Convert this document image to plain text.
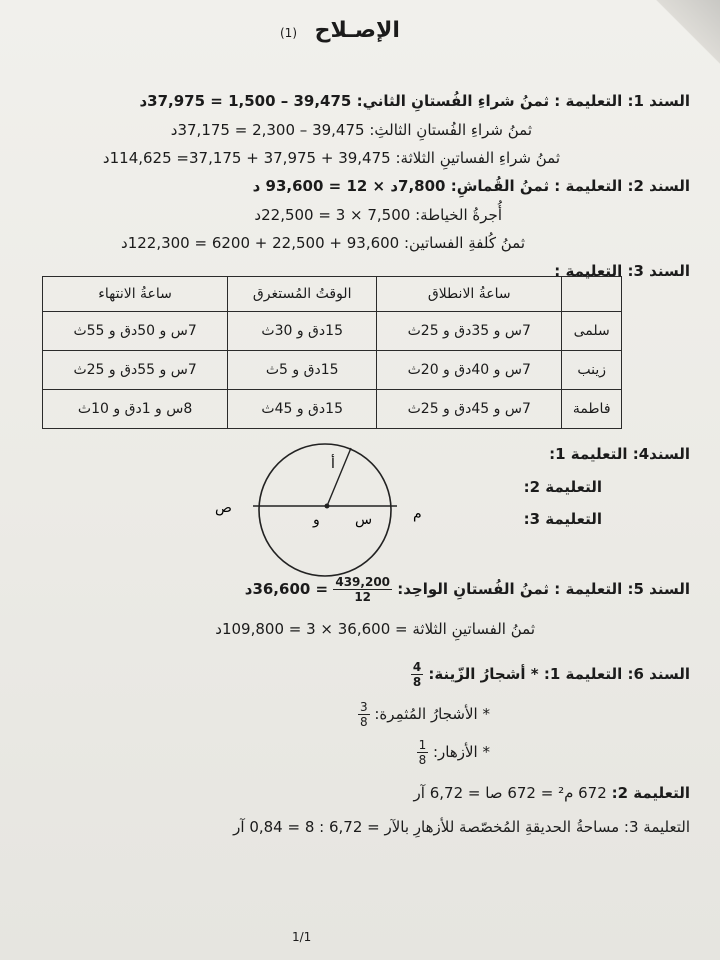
(1) الإصـلاح
السند 1: التعليمة : ثمنُ شراءِ الفُستانِ الثاني: 39,475 – 1,500 = 37,975د
ثمنُ شراءِ الفُستانِ الثالثِ: 39,475 – 2,300 = 37,175د
ثمنُ شراءِ الفساتينِ الثلاثة: 39,475 + 37,975 + 37,175= 114,625د
السند 2: التعليمة : ثمنُ القُماشِ: 7,800د × 12 = 93,600 د
أُجرةُ الخياطة: 7,500 × 3 = 22,500د
ثمنُ كُلفةِ الفساتين: 93,600 + 22,500 + 6200 = 122,300د
السند 3: التعليمة :
	ساعةُ الانطلاق	الوقتُ المُستغرق	ساعةُ الانتهاء
سلمى	7س و 35دق و 25ث	15دق و 30ث	7س و 50دق و 55ث
زينب	7س و 40دق و 20ث	15دق و 5ث	7س و 55دق و 25ث
فاطمة	7س و 45دق و 25ث	15دق و 45ث	8س و 1دق و 10ث
السند4: التعليمة 1:
التعليمة 2:
التعليمة 3:
أ
و	س	م
ص
السند 5: التعليمة : ثمنُ الفُستانِ الواحِد:
$\frac{439,200}{12}$
= 36,600د
ثمنُ الفساتينِ الثلاثة = 36,600 × 3 = 109,800د
السند 6: التعليمة 1: * أشجارُ الزّينة:
$\frac{4}{8}$
* الأشجارُ المُثمِرة:
$\frac{3}{8}$
* الأزهار:
$\frac{1}{8}$
التعليمة 2: 672 م² = 672 صا = 6,72 آر
التعليمة 3: مساحةُ الحديقةِ المُخصّصة للأزهارِ بالآر = 6,72 : 8 = 0,84 آر
1/1
